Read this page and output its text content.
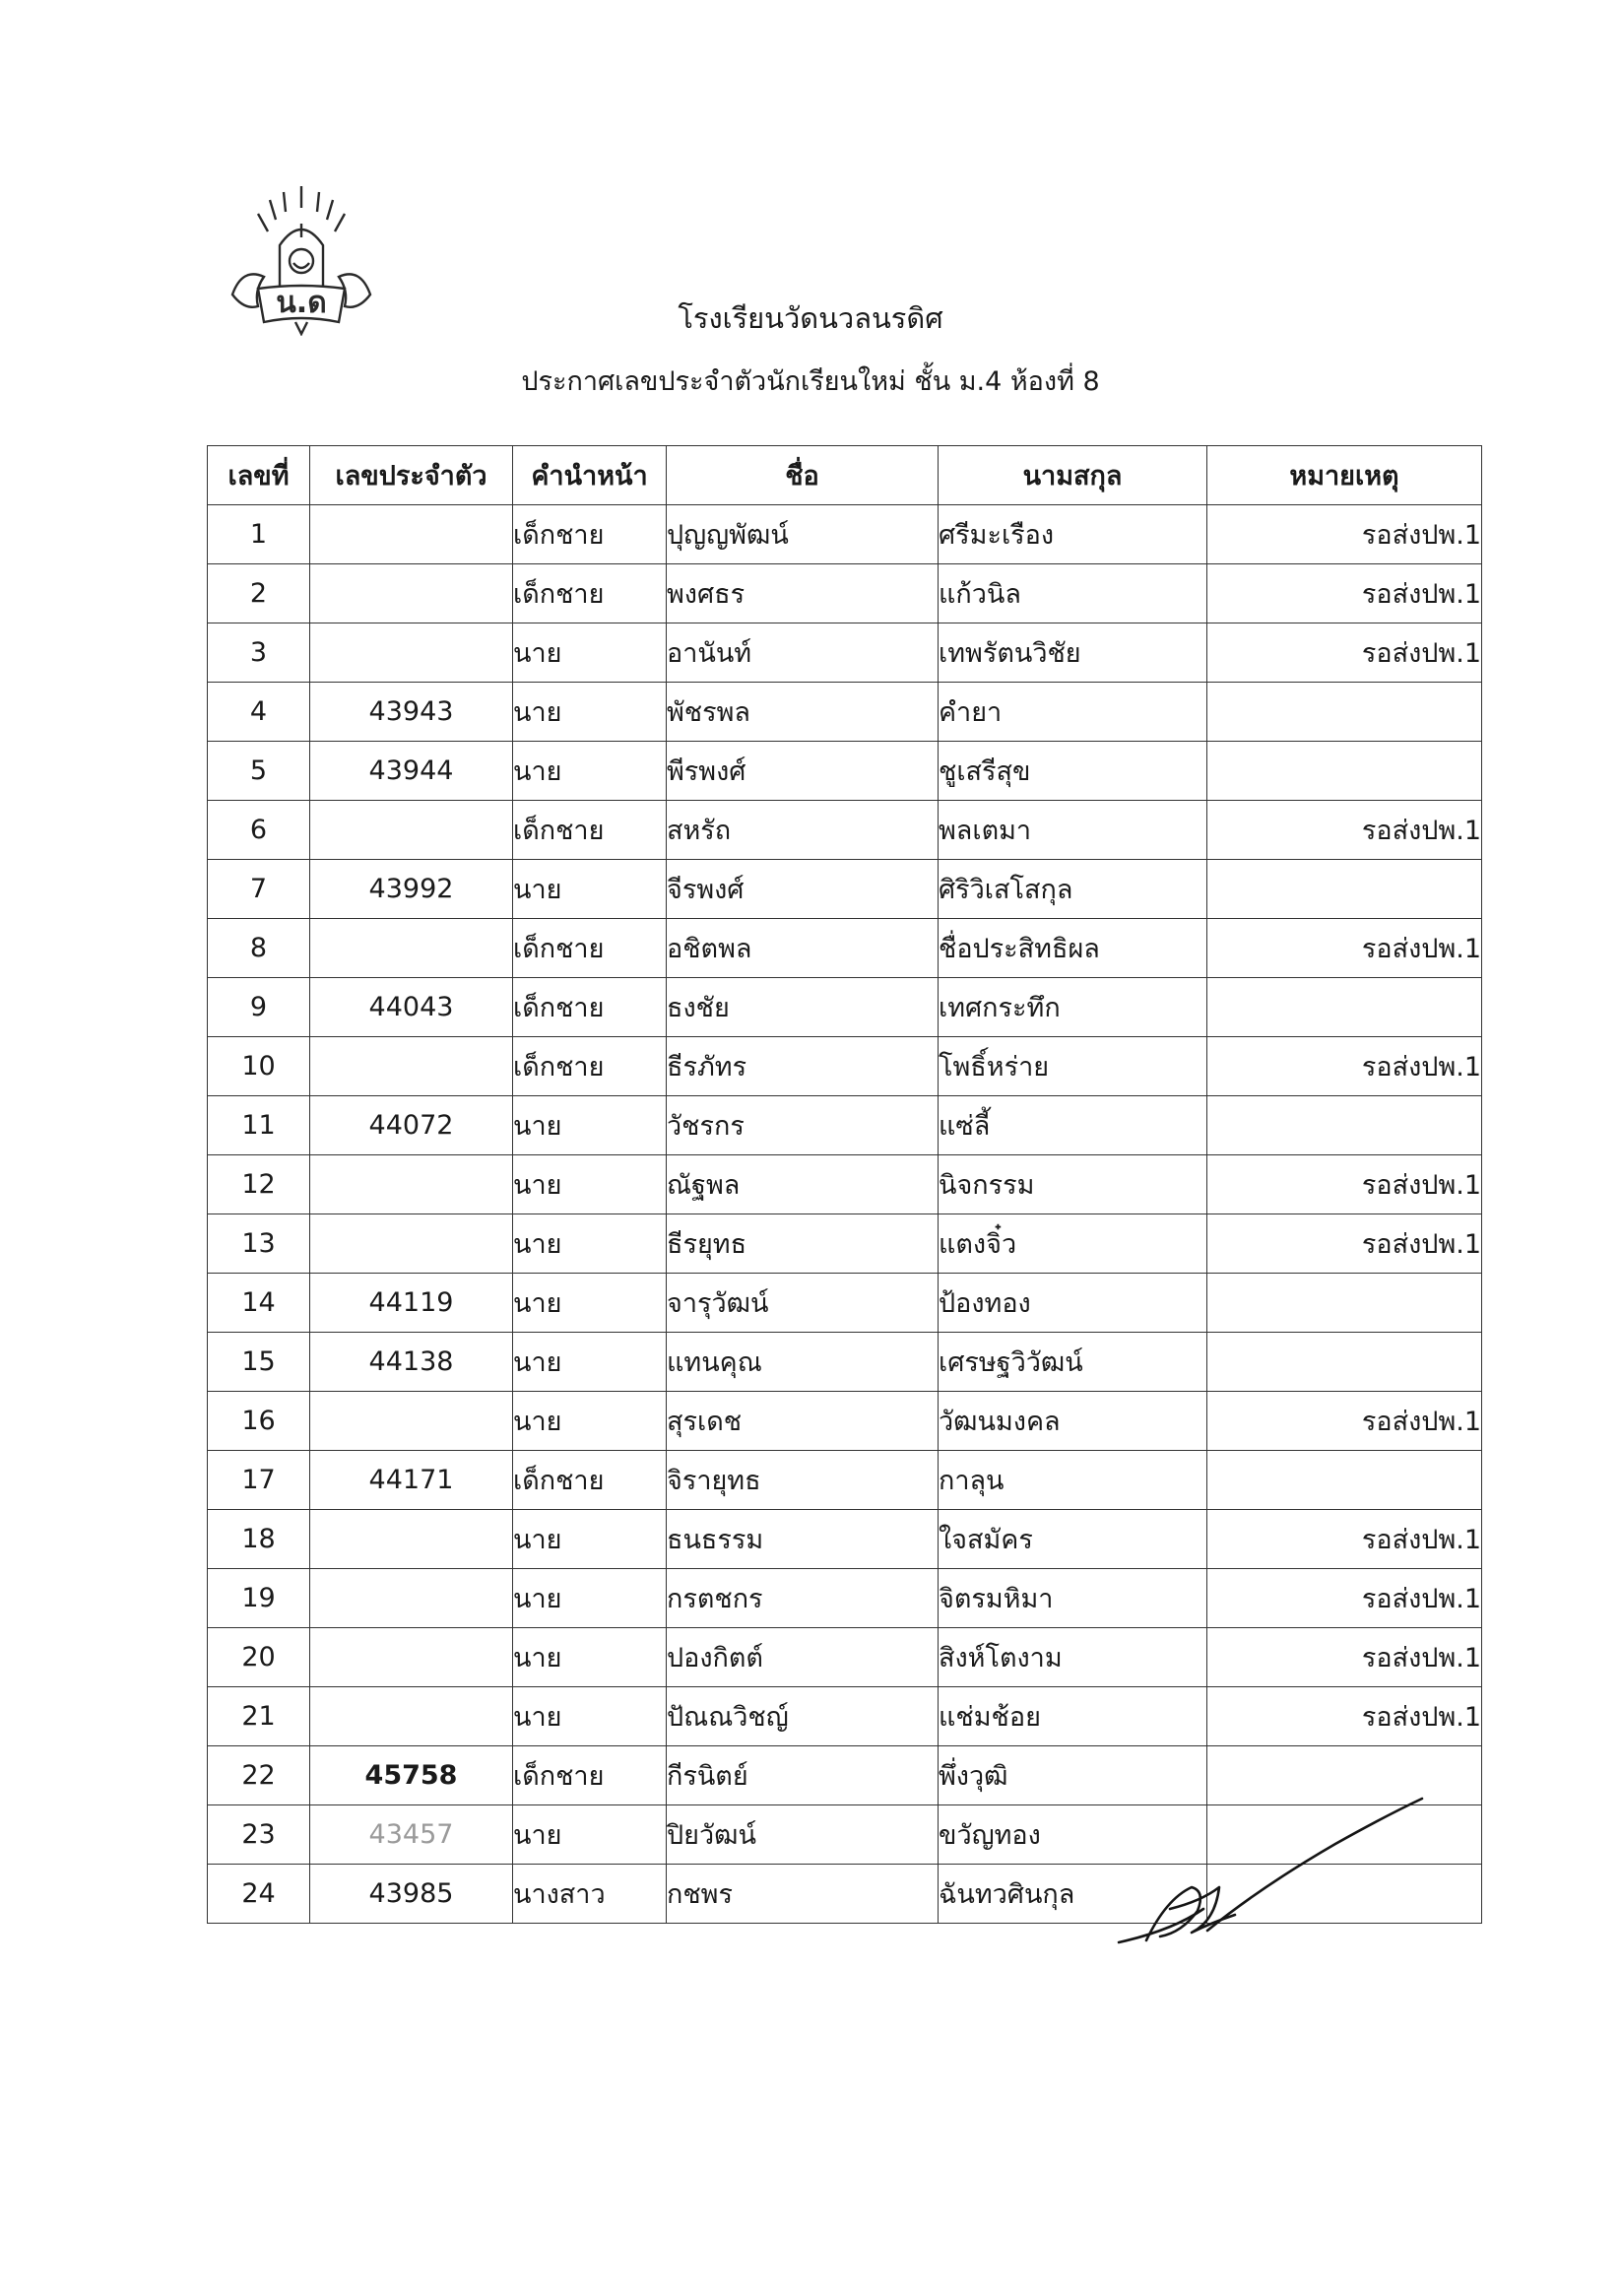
น.ด	โรงเรียนวัดนวลนรดิศ
ประกาศเลขประจำตัวนักเรียนใหม่ ชั้น ม.4 ห้องที่ 8
เลขที่	เลขประจำตัว	คำนำหน้า	ชื่อ	นามสกุล	หมายเหตุ
1		เด็กชาย	ปุญญพัฒน์	ศรีมะเรือง	รอส่งปพ.1
2		เด็กชาย	พงศธร	แก้วนิล	รอส่งปพ.1
3		นาย	อานันท์	เทพรัตนวิชัย	รอส่งปพ.1
4	43943	นาย	พัชรพล	คำยา	
5	43944	นาย	พีรพงศ์	ชูเสรีสุข	
6		เด็กชาย	สหรัถ	พลเตมา	รอส่งปพ.1
7	43992	นาย	จีรพงศ์	ศิริวิเสโสกุล	
8		เด็กชาย	อชิตพล	ชื่อประสิทธิผล	รอส่งปพ.1
9	44043	เด็กชาย	ธงชัย	เทศกระทึก	
10		เด็กชาย	ธีรภัทร	โพธิ์หร่าย	รอส่งปพ.1
11	44072	นาย	วัชรกร	แซ่ลี้	
12		นาย	ณัฐพล	นิจกรรม	รอส่งปพ.1
13		นาย	ธีรยุทธ	แตงจิ๋ว	รอส่งปพ.1
14	44119	นาย	จารุวัฒน์	ป้องทอง	
15	44138	นาย	แทนคุณ	เศรษฐวิวัฒน์	
16		นาย	สุรเดช	วัฒนมงคล	รอส่งปพ.1
17	44171	เด็กชาย	จิรายุทธ	กาลุน	
18		นาย	ธนธรรม	ใจสมัคร	รอส่งปพ.1
19		นาย	กรตชกร	จิตรมหิมา	รอส่งปพ.1
20		นาย	ปองกิตต์	สิงห์โตงาม	รอส่งปพ.1
21		นาย	ปัณณวิชญ์	แช่มช้อย	รอส่งปพ.1
22	45758	เด็กชาย	กีรนิตย์	พึ่งวุฒิ	
23	43457	นาย	ปิยวัฒน์	ขวัญทอง	
24	43985	นางสาว	กชพร	ฉันทวศินกุล	
